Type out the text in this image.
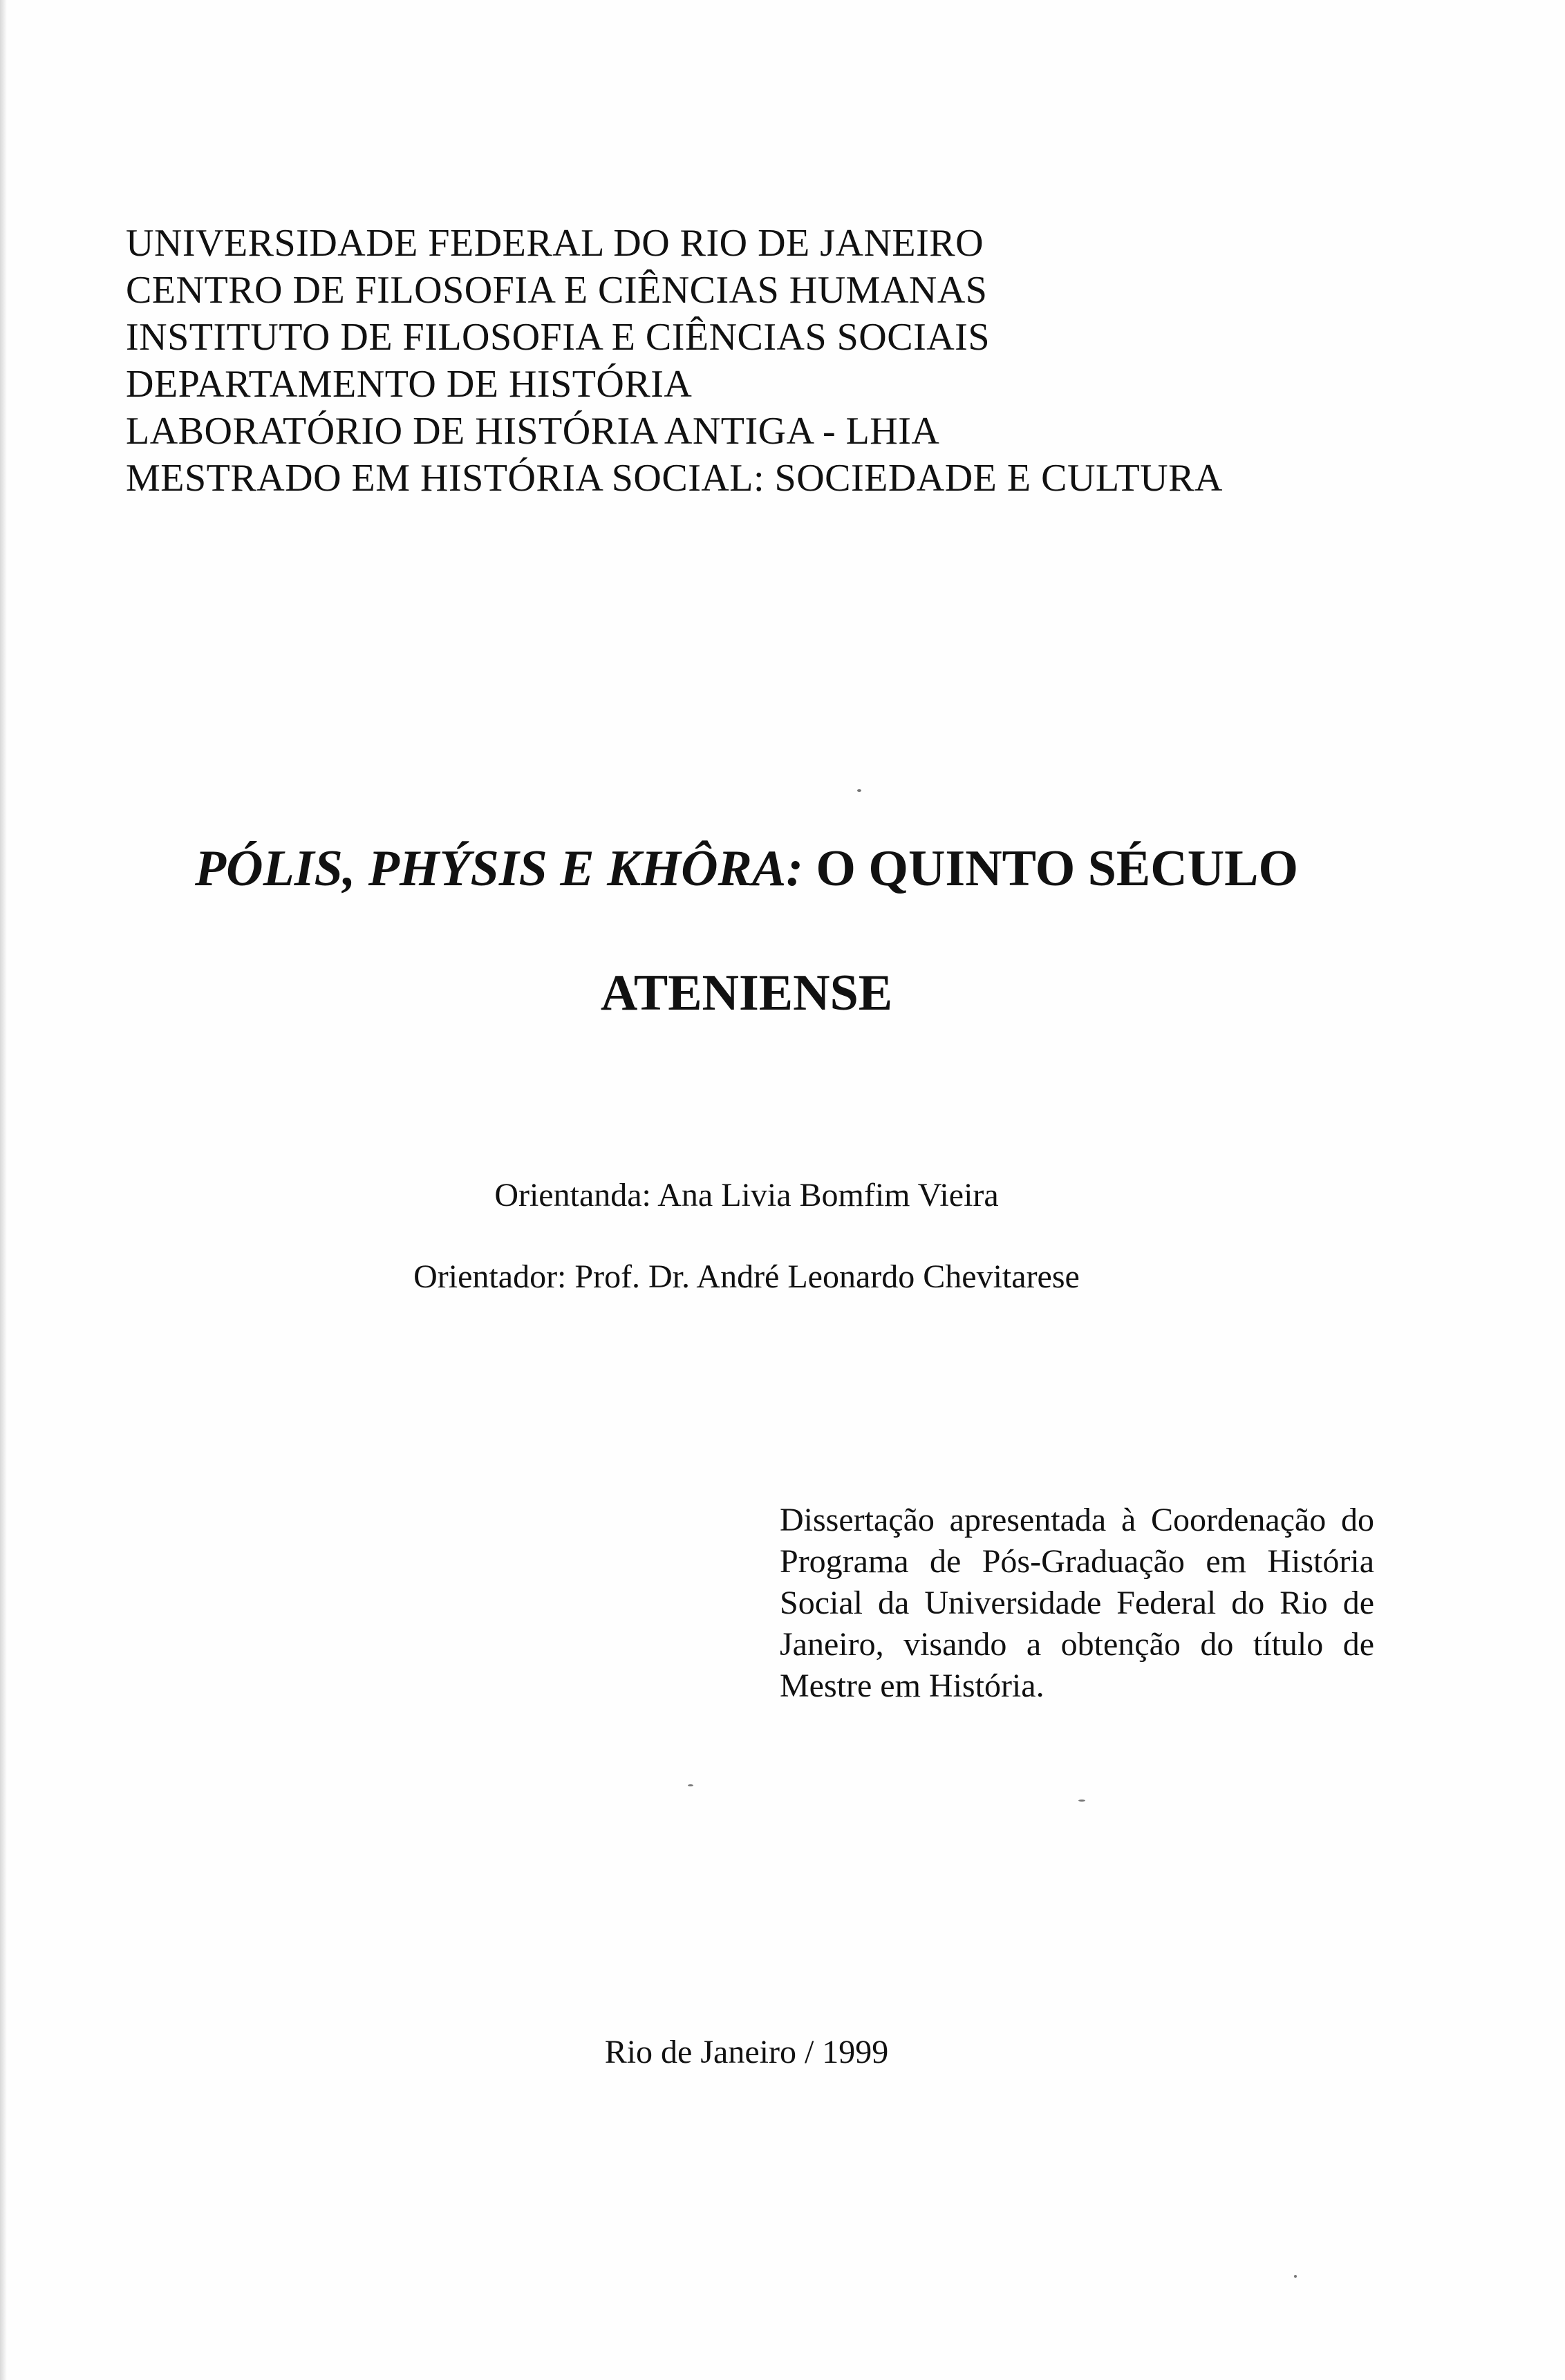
UNIVERSIDADE FEDERAL DO RIO DE JANEIRO
CENTRO DE FILOSOFIA E CIÊNCIAS HUMANAS
INSTITUTO DE FILOSOFIA E CIÊNCIAS SOCIAIS
DEPARTAMENTO DE HISTÓRIA
LABORATÓRIO DE HISTÓRIA ANTIGA - LHIA
MESTRADO EM HISTÓRIA SOCIAL: SOCIEDADE E CULTURA
PÓLIS, PHÝSIS E KHÔRA: O QUINTO SÉCULO
ATENIENSE
Orientanda: Ana Livia Bomfim Vieira
Orientador: Prof. Dr. André Leonardo Chevitarese
Dissertação apresentada à Coordenação do Programa de Pós-Graduação em História Social da Universidade Federal do Rio de Janeiro, visando a obtenção do título de Mestre em História.
Rio de Janeiro / 1999
